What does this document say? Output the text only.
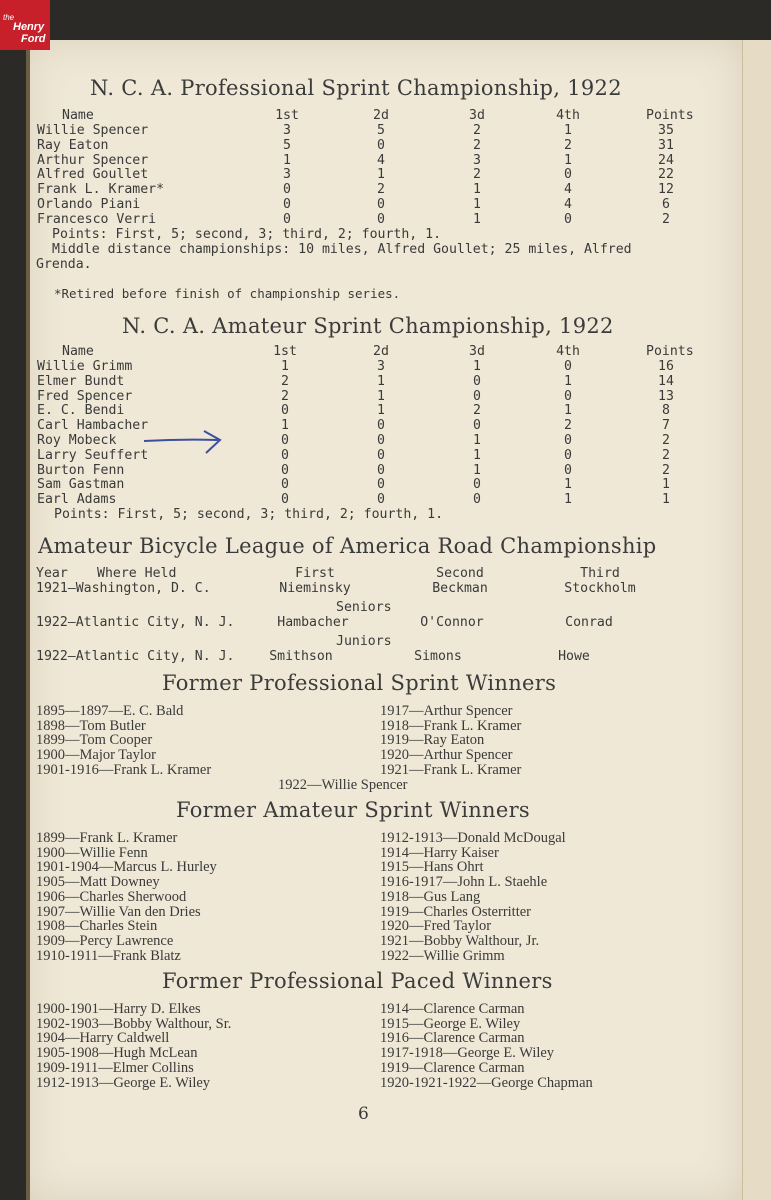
the
Henry
Ford
N. C. A. Professional Sprint Championship, 1922
Name	1st	2d	3d	4th	Points
Willie Spencer	3	5	2	1	35
Ray Eaton	5	0	2	2	31
Arthur Spencer	1	4	3	1	24
Alfred Goullet	3	1	2	0	22
Frank L. Kramer*	0	2	1	4	12
Orlando Piani	0	0	1	4	6
Francesco Verri	0	0	1	0	2
Points: First, 5; second, 3; third, 2; fourth, 1.
Middle distance championships: 10 miles, Alfred Goullet; 25 miles, Alfred
Grenda.
*Retired before finish of championship series.
N. C. A. Amateur Sprint Championship, 1922
Name	1st	2d	3d	4th	Points
Willie Grimm	1	3	1	0	16
Elmer Bundt	2	1	0	1	14
Fred Spencer	2	1	0	0	13
E. C. Bendi	0	1	2	1	8
Carl Hambacher	1	0	0	2	7
Roy Mobeck	0	0	1	0	2
Larry Seuffert	0	0	1	0	2
Burton Fenn	0	0	1	0	2
Sam Gastman	0	0	0	1	1
Earl Adams	0	0	0	1	1
Points: First, 5; second, 3; third, 2; fourth, 1.
Amateur Bicycle League of America Road Championship
Year Where Held	First	Second	Third
1921—Washington, D. C.	Nieminsky	Beckman	Stockholm
Seniors
1922—Atlantic City, N. J.	Hambacher	O'Connor	Conrad
Juniors
1922—Atlantic City, N. J.	Smithson	Simons	Howe
Former Professional Sprint Winners
1895—1897—E. C. Bald
1898—Tom Butler
1899—Tom Cooper
1900—Major Taylor
1901-1916—Frank L. Kramer
1917—Arthur Spencer
1918—Frank L. Kramer
1919—Ray Eaton
1920—Arthur Spencer
1921—Frank L. Kramer
1922—Willie Spencer
Former Amateur Sprint Winners
1899—Frank L. Kramer
1900—Willie Fenn
1901-1904—Marcus L. Hurley
1905—Matt Downey
1906—Charles Sherwood
1907—Willie Van den Dries
1908—Charles Stein
1909—Percy Lawrence
1910-1911—Frank Blatz
1912-1913—Donald McDougal
1914—Harry Kaiser
1915—Hans Ohrt
1916-1917—John L. Staehle
1918—Gus Lang
1919—Charles Osterritter
1920—Fred Taylor
1921—Bobby Walthour, Jr.
1922—Willie Grimm
Former Professional Paced Winners
1900-1901—Harry D. Elkes
1902-1903—Bobby Walthour, Sr.
1904—Harry Caldwell
1905-1908—Hugh McLean
1909-1911—Elmer Collins
1912-1913—George E. Wiley
1914—Clarence Carman
1915—George E. Wiley
1916—Clarence Carman
1917-1918—George E. Wiley
1919—Clarence Carman
1920-1921-1922—George Chapman
6
